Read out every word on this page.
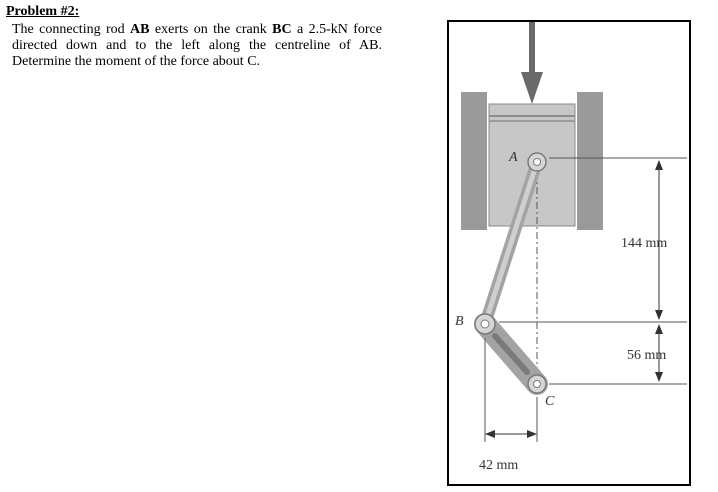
Problem #2:

The connecting rod AB exerts on the crank BC a 2.5-kN force directed down and to the left along the centreline of AB. Determine the moment of the force about C.

A
B
C
144 mm
56 mm
42 mm
